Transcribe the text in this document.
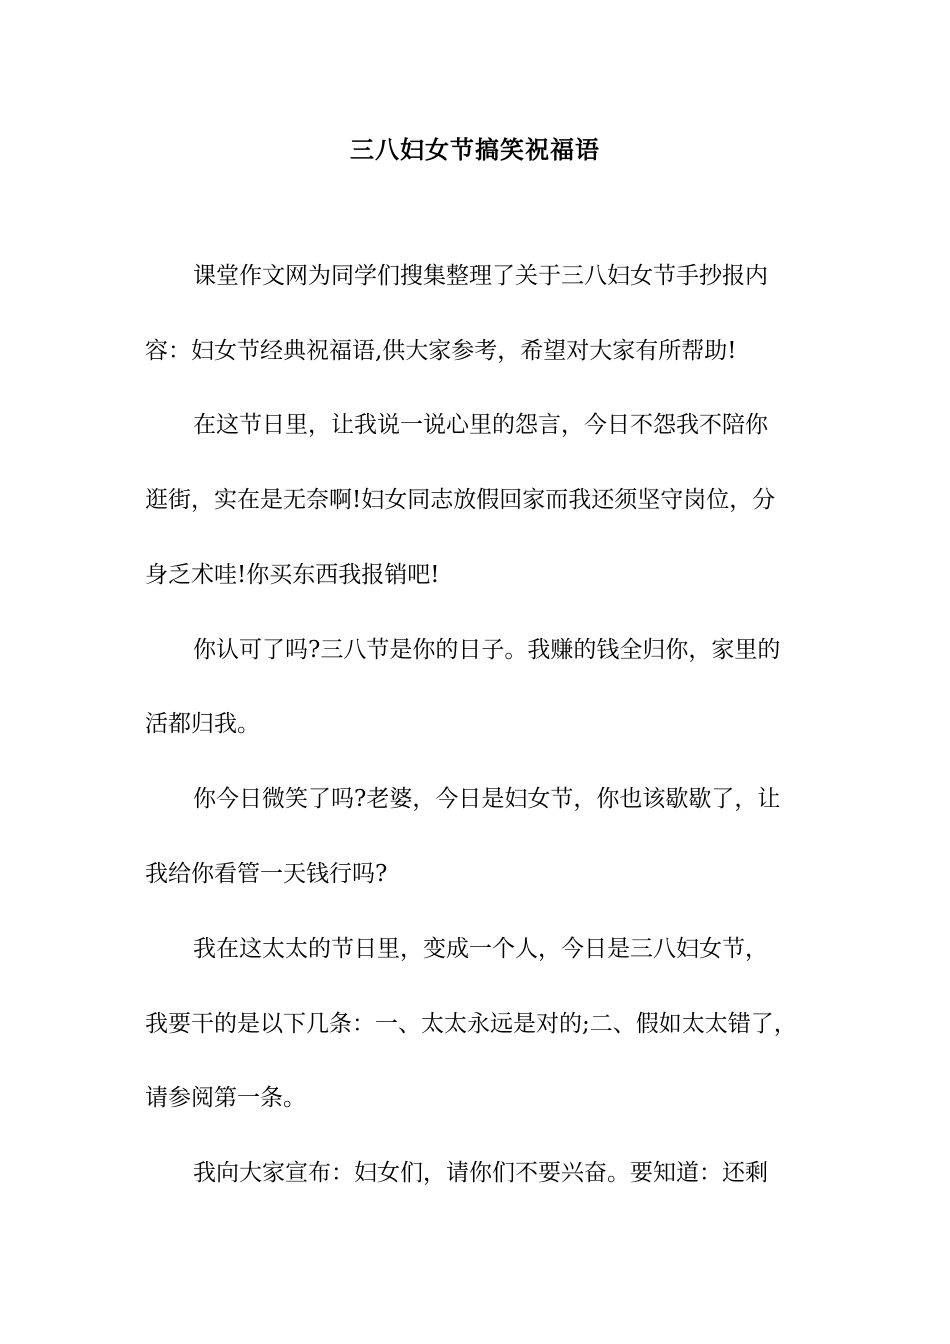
三八妇女节搞笑祝福语
课堂作文网为同学们搜集整理了关于三八妇女节手抄报内
容：妇女节经典祝福语,供大家参考，希望对大家有所帮助!
在这节日里，让我说一说心里的怨言，今日不怨我不陪你
逛街，实在是无奈啊!妇女同志放假回家而我还须坚守岗位，分
身乏术哇!你买东西我报销吧!
你认可了吗?三八节是你的日子。我赚的钱全归你，家里的
活都归我。
你今日微笑了吗?老婆，今日是妇女节，你也该歇歇了，让
我给你看管一天钱行吗?
我在这太太的节日里，变成一个人，今日是三八妇女节，
我要干的是以下几条：一、太太永远是对的;二、假如太太错了，
请参阅第一条。
我向大家宣布：妇女们，请你们不要兴奋。要知道：还剩
